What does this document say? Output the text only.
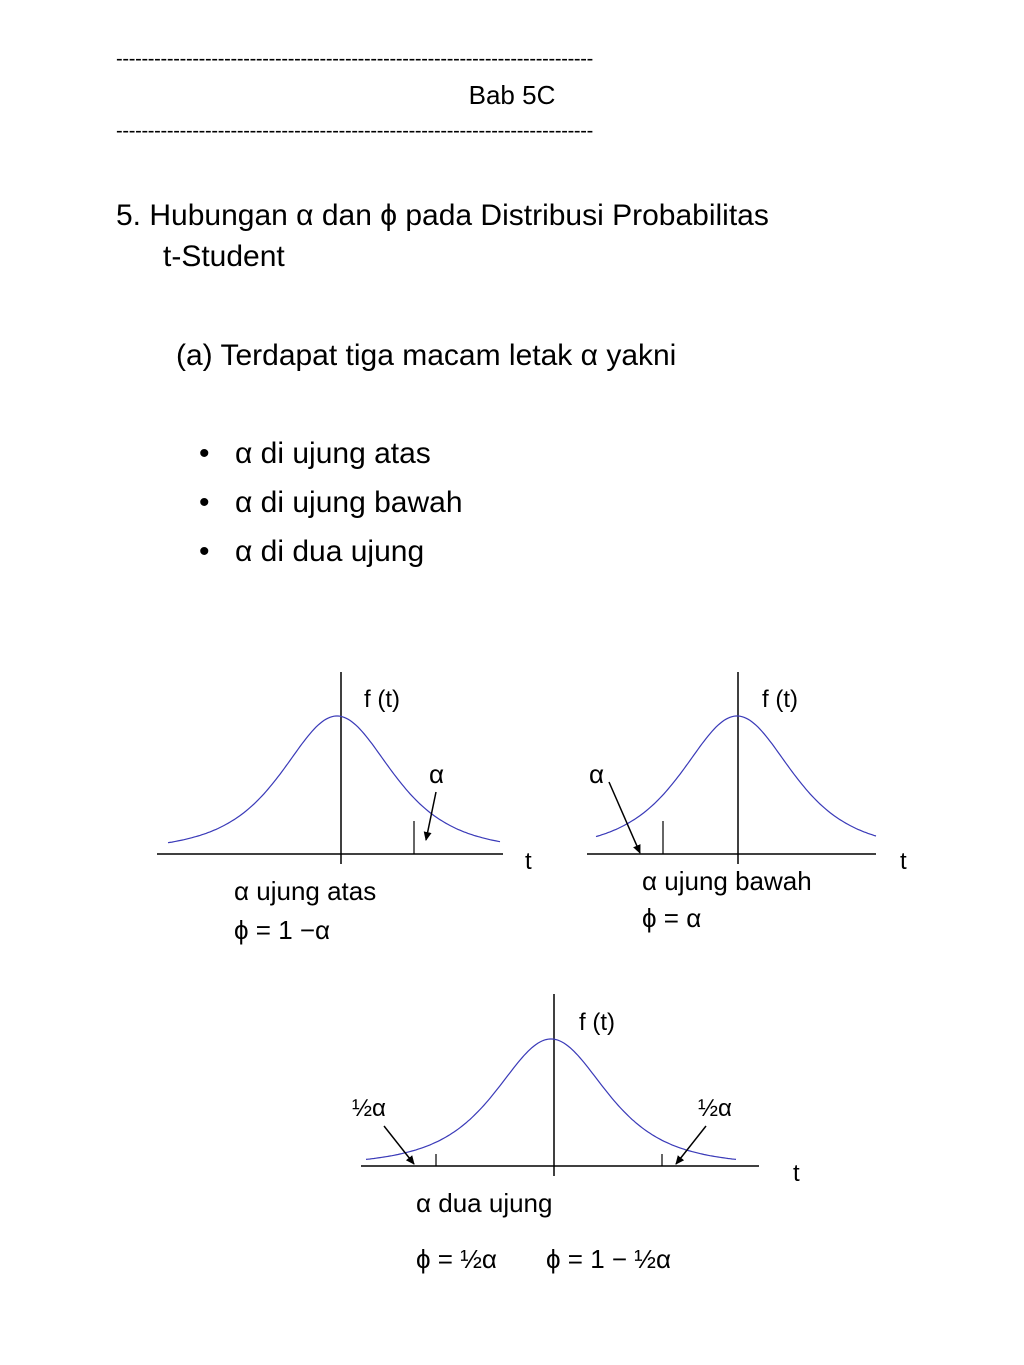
---------------------------------------------------------------------------
Bab 5C
---------------------------------------------------------------------------
5. Hubungan α dan ϕ pada Distribusi Probabilitas
t-Student
(a) Terdapat tiga macam letak α yakni
• α di ujung atas
• α di ujung bawah
• α di dua ujung
f (t)
α
t
α ujung atas
ϕ = 1 −α
f (t)
α
t
α ujung bawah
ϕ = α
f (t)
½α	½α
t
α dua ujung
ϕ = ½α ϕ = 1 − ½α
